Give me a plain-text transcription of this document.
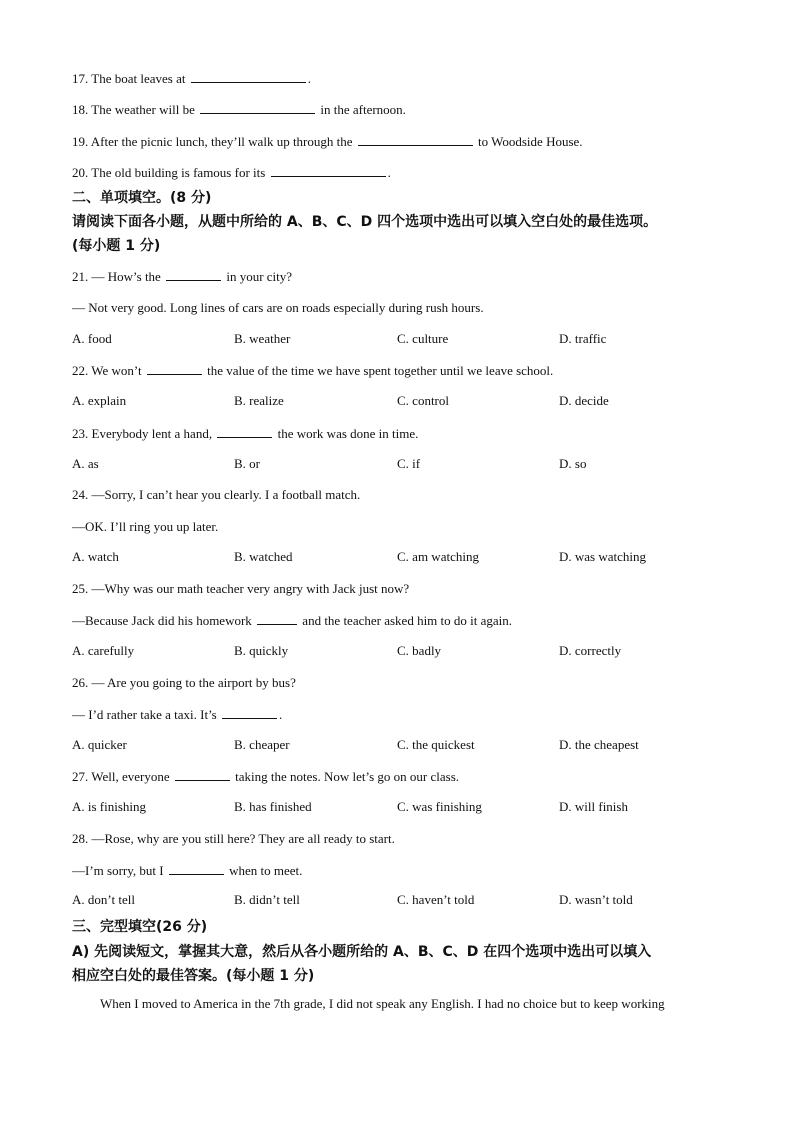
17. The boat leaves at	.
18. The weather will be	in the afternoon.
19. After the picnic lunch, they’ll walk up through the	to Woodside House.
20. The old building is famous for its	.
二、单项填空。(8 分)
请阅读下面各小题，从题中所给的 A、B、C、D 四个选项中选出可以填入空白处的最佳选项。
(每小题 1 分)
21. — How’s the	in your city?
— Not very good. Long lines of cars are on roads especially during rush hours.
A. food	B. weather	C. culture	D. traffic
22. We won’t	the value of the time we have spent together until we leave school.
A. explain	B. realize	C. control	D. decide
23. Everybody lent a hand,	the work was done in time.
A. as	B. or	C. if	D. so
24. —Sorry, I can’t hear you clearly. I a football match.
—OK. I’ll ring you up later.
A. watch	B. watched	C. am watching	D. was watching
25. —Why was our math teacher very angry with Jack just now?
—Because Jack did his homework	and the teacher asked him to do it again.
A. carefully	B. quickly	C. badly	D. correctly
26. — Are you going to the airport by bus?
— I’d rather take a taxi. It’s	.
A. quicker	B. cheaper	C. the quickest	D. the cheapest
27. Well, everyone	taking the notes. Now let’s go on our class.
A. is finishing	B. has finished	C. was finishing	D. will finish
28. —Rose, why are you still here? They are all ready to start.
—I’m sorry, but I	when to meet.
A. don’t tell	B. didn’t tell	C. haven’t told	D. wasn’t told
三、完型填空(26 分)
A) 先阅读短文，掌握其大意，然后从各小题所给的 A、B、C、D 在四个选项中选出可以填入
相应空白处的最佳答案。(每小题 1 分)
When I moved to America in the 7th grade, I did not speak any English. I had no choice but to keep working
